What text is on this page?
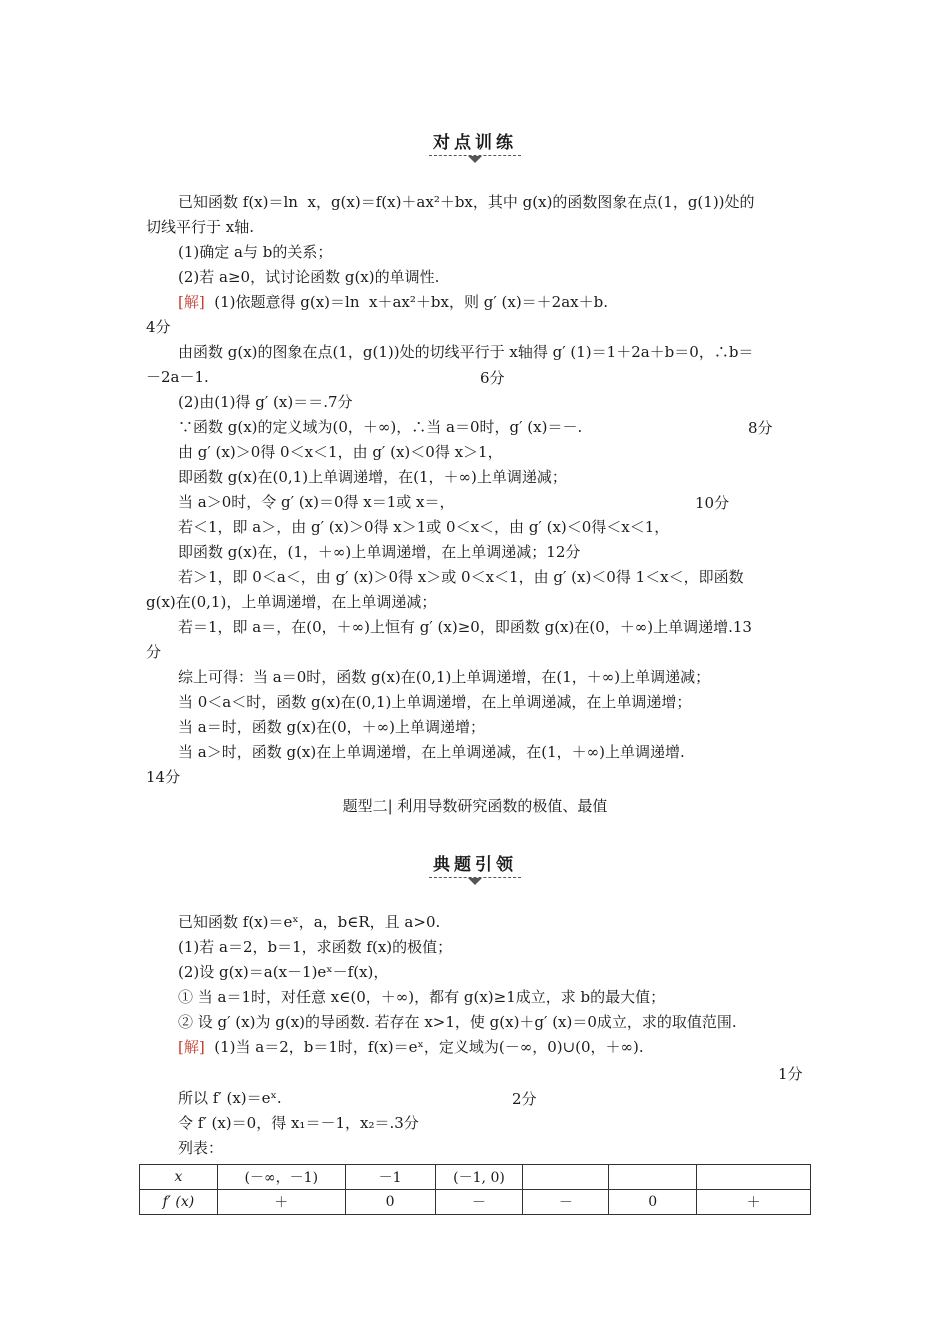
对点训练
已知函数 f(x)＝ln  x，g(x)＝f(x)＋ax²＋bx，其中 g(x)的函数图象在点(1，g(1))处的
切线平行于 x轴.
(1)确定 a与 b的关系；
(2)若 a≥0，试讨论函数 g(x)的单调性.
[解]  (1)依题意得 g(x)＝ln  x＋ax²＋bx，则 g′ (x)＝＋2ax＋b.
4分
由函数 g(x)的图象在点(1，g(1))处的切线平行于 x轴得 g′ (1)＝1＋2a＋b＝0，∴b＝
－2a－1.	6分
(2)由(1)得 g′ (x)＝＝.7分
∵函数 g(x)的定义域为(0，＋∞)，∴当 a＝0时，g′ (x)＝－.	8分
由 g′ (x)＞0得 0＜x＜1，由 g′ (x)＜0得 x＞1，
即函数 g(x)在(0,1)上单调递增，在(1，＋∞)上单调递减；
当 a＞0时，令 g′ (x)＝0得 x＝1或 x＝，	10分
若＜1，即 a＞，由 g′ (x)＞0得 x＞1或 0＜x＜，由 g′ (x)＜0得＜x＜1，
即函数 g(x)在，(1，＋∞)上单调递增，在上单调递减；12分
若＞1，即 0＜a＜，由 g′ (x)＞0得 x＞或 0＜x＜1，由 g′ (x)＜0得 1＜x＜，即函数
g(x)在(0,1)，上单调递增，在上单调递减；
若＝1，即 a＝，在(0，＋∞)上恒有 g′ (x)≥0，即函数 g(x)在(0，＋∞)上单调递增.13
分
综上可得：当 a＝0时，函数 g(x)在(0,1)上单调递增，在(1，＋∞)上单调递减；
当 0＜a＜时，函数 g(x)在(0,1)上单调递增，在上单调递减，在上单调递增；
当 a＝时，函数 g(x)在(0，＋∞)上单调递增；
当 a＞时，函数 g(x)在上单调递增，在上单调递减，在(1，＋∞)上单调递增.
14分
题型二| 利用导数研究函数的极值、最值
典题引领
已知函数 f(x)＝eˣ，a，b∈R，且 a>0.
(1)若 a＝2，b＝1，求函数 f(x)的极值；
(2)设 g(x)＝a(x－1)eˣ－f(x)，
① 当 a＝1时，对任意 x∈(0，＋∞)，都有 g(x)≥1成立，求 b的最大值；
② 设 g′ (x)为 g(x)的导函数. 若存在 x>1，使 g(x)＋g′ (x)＝0成立，求的取值范围.
[解]  (1)当 a＝2，b＝1时，f(x)＝eˣ，定义域为(－∞，0)∪(0，＋∞).
1分
所以 f′ (x)＝eˣ.	2分
令 f′ (x)＝0，得 x₁＝－1，x₂＝.3分
列表：
x	(－∞，－1)	－1	(－1, 0)			
f′ (x)	＋	0	－	－	0	＋
